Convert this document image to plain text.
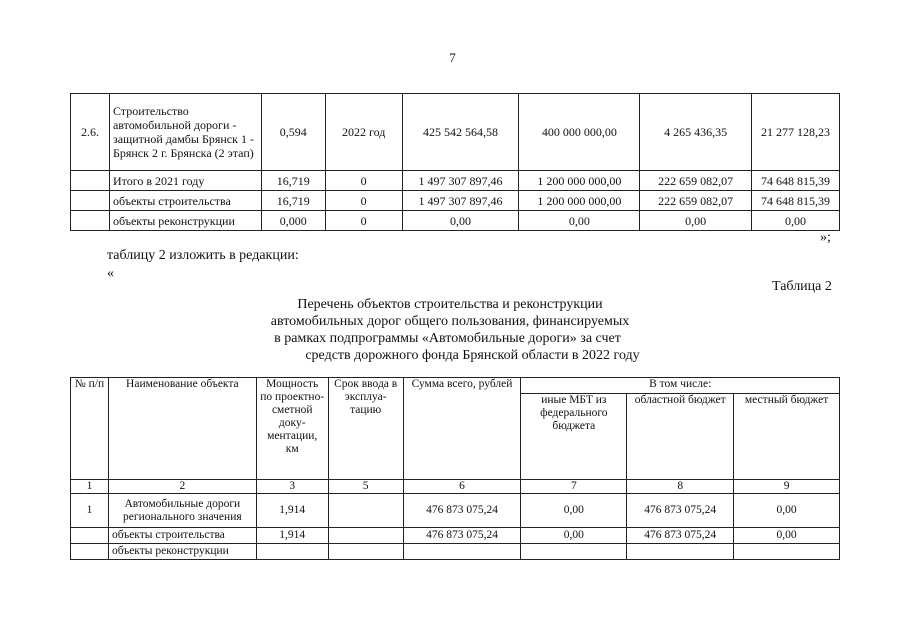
7
2.6.	Строительство автомобильной дороги - защитной дамбы Брянск 1 - Брянск 2 г. Брянска (2 этап)	0,594	2022 год	425 542 564,58	400 000 000,00	4 265 436,35	21 277 128,23
	Итого в 2021 году	16,719	0	1 497 307 897,46	1 200 000 000,00	222 659 082,07	74 648 815,39
	объекты строительства	16,719	0	1 497 307 897,46	1 200 000 000,00	222 659 082,07	74 648 815,39
	объекты реконструкции	0,000	0	0,00	0,00	0,00	0,00
»;
таблицу 2 изложить в редакции:
«
Таблица 2
Перечень объектов строительства и реконструкции
автомобильных дорог общего пользования, финансируемых
в рамках подпрограммы «Автомобильные дороги» за счет
средств дорожного фонда Брянской области в 2022 году
№ п/п	Наименование объекта	Мощность по проектно-сметной доку-ментации, км	Срок ввода в эксплуа-тацию	Сумма всего, рублей	В том числе:		
					иные МБТ из федерального бюджета	областной бюджет	местный бюджет
1	2	3	5	6	7	8	9
1	Автомобильные дороги регионального значения	1,914		476 873 075,24	0,00	476 873 075,24	0,00
	объекты строительства	1,914		476 873 075,24	0,00	476 873 075,24	0,00
	объекты реконструкции						
